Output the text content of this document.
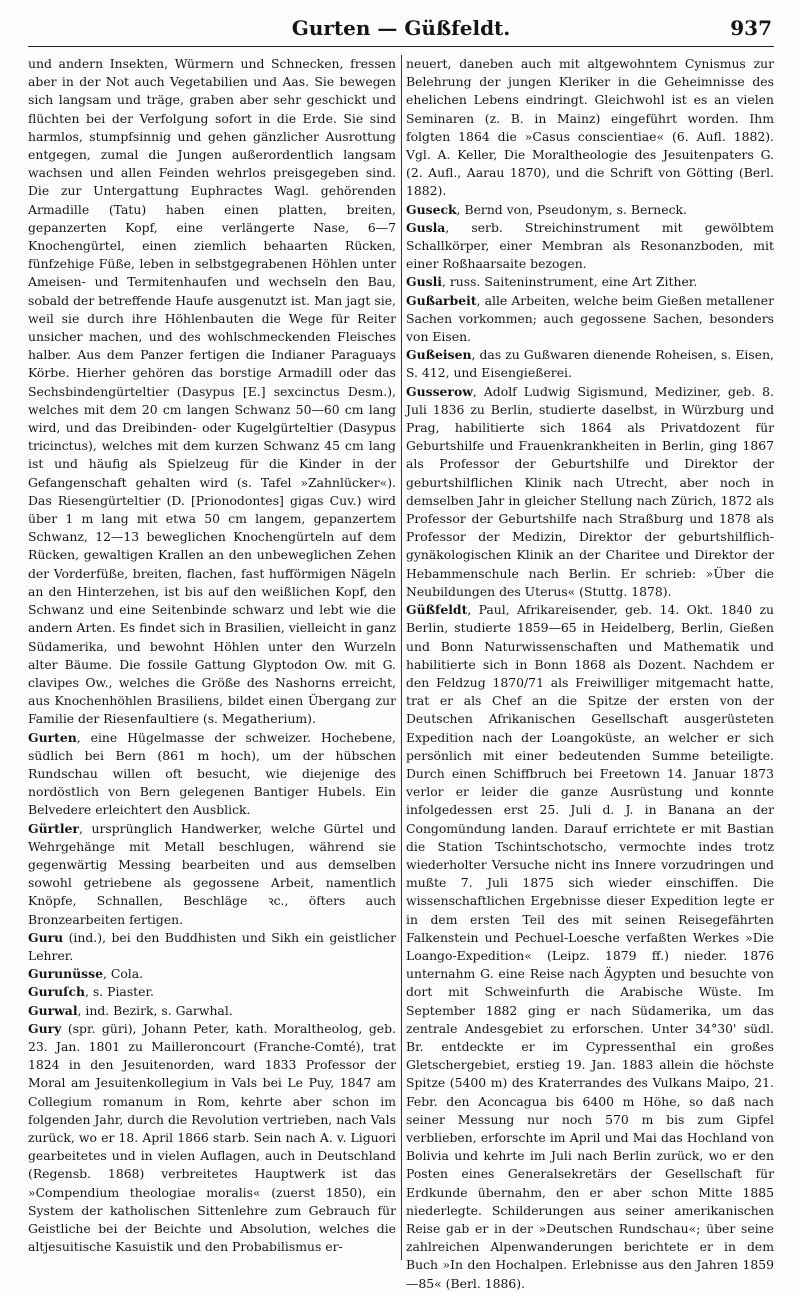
Gurten — Güßfeldt.	937

und andern Insekten, Würmern und Schnecken, fressen aber in der Not auch Vegetabilien und Aas. Sie bewegen sich langsam und träge, graben aber sehr geschickt und flüchten bei der Verfolgung sofort in die Erde. Sie sind harmlos, stumpfsinnig und gehen gänzlicher Ausrottung entgegen, zumal die Jungen außerordentlich langsam wachsen und allen Feinden wehrlos preisgegeben sind. Die zur Untergattung Euphractes Wagl. gehörenden Armadille (Tatu) haben einen platten, breiten, gepanzerten Kopf, eine verlängerte Nase, 6—7 Knochengürtel, einen ziemlich behaarten Rücken, fünfzehige Füße, leben in selbstgegrabenen Höhlen unter Ameisen- und Termitenhaufen und wechseln den Bau, sobald der betreffende Haufe ausgenutzt ist. Man jagt sie, weil sie durch ihre Höhlenbauten die Wege für Reiter unsicher machen, und des wohlschmeckenden Fleisches halber. Aus dem Panzer fertigen die Indianer Paraguays Körbe. Hierher gehören das borstige Armadill oder das Sechsbindengürteltier (Dasypus [E.] sexcinctus Desm.), welches mit dem 20 cm langen Schwanz 50—60 cm lang wird, und das Dreibinden- oder Kugelgürteltier (Dasypus tricinctus), welches mit dem kurzen Schwanz 45 cm lang ist und häufig als Spielzeug für die Kinder in der Gefangenschaft gehalten wird (s. Tafel »Zahnlücker«). Das Riesengürteltier (D. [Prionodontes] gigas Cuv.) wird über 1 m lang mit etwa 50 cm langem, gepanzertem Schwanz, 12—13 beweglichen Knochengürteln auf dem Rücken, gewaltigen Krallen an den unbeweglichen Zehen der Vorderfüße, breiten, flachen, fast hufförmigen Nägeln an den Hinterzehen, ist bis auf den weißlichen Kopf, den Schwanz und eine Seitenbinde schwarz und lebt wie die andern Arten. Es findet sich in Brasilien, vielleicht in ganz Südamerika, und bewohnt Höhlen unter den Wurzeln alter Bäume. Die fossile Gattung Glyptodon Ow. mit G. clavipes Ow., welches die Größe des Nashorns erreicht, aus Knochenhöhlen Brasiliens, bildet einen Übergang zur Familie der Riesenfaultiere (s. Megatherium).

Gurten, eine Hügelmasse der schweizer. Hochebene, südlich bei Bern (861 m hoch), um der hübschen Rundschau willen oft besucht, wie diejenige des nordöstlich von Bern gelegenen Bantiger Hubels. Ein Belvedere erleichtert den Ausblick.

Gürtler, ursprünglich Handwerker, welche Gürtel und Wehrgehänge mit Metall beschlugen, während sie gegenwärtig Messing bearbeiten und aus demselben sowohl getriebene als gegossene Arbeit, namentlich Knöpfe, Schnallen, Beschläge ꝛc., öfters auch Bronzearbeiten fertigen.

Guru (ind.), bei den Buddhisten und Sikh ein geistlicher Lehrer.

Gurunüsse, Cola.

Guruſch, s. Piaster.

Gurwal, ind. Bezirk, s. Garwhal.

Gury (spr. güri), Johann Peter, kath. Moraltheolog, geb. 23. Jan. 1801 zu Mailleroncourt (Franche-Comté), trat 1824 in den Jesuitenorden, ward 1833 Professor der Moral am Jesuitenkollegium in Vals bei Le Puy, 1847 am Collegium romanum in Rom, kehrte aber schon im folgenden Jahr, durch die Revolution vertrieben, nach Vals zurück, wo er 18. April 1866 starb. Sein nach A. v. Liguori gearbeitetes und in vielen Auflagen, auch in Deutschland (Regensb. 1868) verbreitetes Hauptwerk ist das »Compendium theologiae moralis« (zuerst 1850), ein System der katholischen Sittenlehre zum Gebrauch für Geistliche bei der Beichte und Absolution, welches die altjesuitische Kasuistik und den Probabilismus er-

neuert, daneben auch mit altgewohntem Cynismus zur Belehrung der jungen Kleriker in die Geheimnisse des ehelichen Lebens eindringt. Gleichwohl ist es an vielen Seminaren (z. B. in Mainz) eingeführt worden. Ihm folgten 1864 die »Casus conscientiae« (6. Aufl. 1882). Vgl. A. Keller, Die Moraltheologie des Jesuitenpaters G. (2. Aufl., Aarau 1870), und die Schrift von Götting (Berl. 1882).

Guseck, Bernd von, Pseudonym, s. Berneck.

Gusla, serb. Streichinstrument mit gewölbtem Schallkörper, einer Membran als Resonanzboden, mit einer Roßhaarsaite bezogen.

Gusli, russ. Saiteninstrument, eine Art Zither.

Gußarbeit, alle Arbeiten, welche beim Gießen metallener Sachen vorkommen; auch gegossene Sachen, besonders von Eisen.

Gußeisen, das zu Gußwaren dienende Roheisen, s. Eisen, S. 412, und Eisengießerei.

Gusserow, Adolf Ludwig Sigismund, Mediziner, geb. 8. Juli 1836 zu Berlin, studierte daselbst, in Würzburg und Prag, habilitierte sich 1864 als Privatdozent für Geburtshilfe und Frauenkrankheiten in Berlin, ging 1867 als Professor der Geburtshilfe und Direktor der geburtshilflichen Klinik nach Utrecht, aber noch in demselben Jahr in gleicher Stellung nach Zürich, 1872 als Professor der Geburtshilfe nach Straßburg und 1878 als Professor der Medizin, Direktor der geburtshilflich-gynäkologischen Klinik an der Charitee und Direktor der Hebammenschule nach Berlin. Er schrieb: »Über die Neubildungen des Uterus« (Stuttg. 1878).

Güßfeldt, Paul, Afrikareisender, geb. 14. Okt. 1840 zu Berlin, studierte 1859—65 in Heidelberg, Berlin, Gießen und Bonn Naturwissenschaften und Mathematik und habilitierte sich in Bonn 1868 als Dozent. Nachdem er den Feldzug 1870/71 als Freiwilliger mitgemacht hatte, trat er als Chef an die Spitze der ersten von der Deutschen Afrikanischen Gesellschaft ausgerüsteten Expedition nach der Loangoküste, an welcher er sich persönlich mit einer bedeutenden Summe beteiligte. Durch einen Schiffbruch bei Freetown 14. Januar 1873 verlor er leider die ganze Ausrüstung und konnte infolgedessen erst 25. Juli d. J. in Banana an der Congomündung landen. Darauf errichtete er mit Bastian die Station Tschintschotscho, vermochte indes trotz wiederholter Versuche nicht ins Innere vorzudringen und mußte 7. Juli 1875 sich wieder einschiffen. Die wissenschaftlichen Ergebnisse dieser Expedition legte er in dem ersten Teil des mit seinen Reisegefährten Falkenstein und Pechuel-Loesche verfaßten Werkes »Die Loango-Expedition« (Leipz. 1879 ff.) nieder. 1876 unternahm G. eine Reise nach Ägypten und besuchte von dort mit Schweinfurth die Arabische Wüste. Im September 1882 ging er nach Südamerika, um das zentrale Andesgebiet zu erforschen. Unter 34°30' südl. Br. entdeckte er im Cypressenthal ein großes Gletschergebiet, erstieg 19. Jan. 1883 allein die höchste Spitze (5400 m) des Kraterrandes des Vulkans Maipo, 21. Febr. den Aconcagua bis 6400 m Höhe, so daß nach seiner Messung nur noch 570 m bis zum Gipfel verblieben, erforschte im April und Mai das Hochland von Bolivia und kehrte im Juli nach Berlin zurück, wo er den Posten eines Generalsekretärs der Gesellschaft für Erdkunde übernahm, den er aber schon Mitte 1885 niederlegte. Schilderungen aus seiner amerikanischen Reise gab er in der »Deutschen Rundschau«; über seine zahlreichen Alpenwanderungen berichtete er in dem Buch »In den Hochalpen. Erlebnisse aus den Jahren 1859—85« (Berl. 1886).
